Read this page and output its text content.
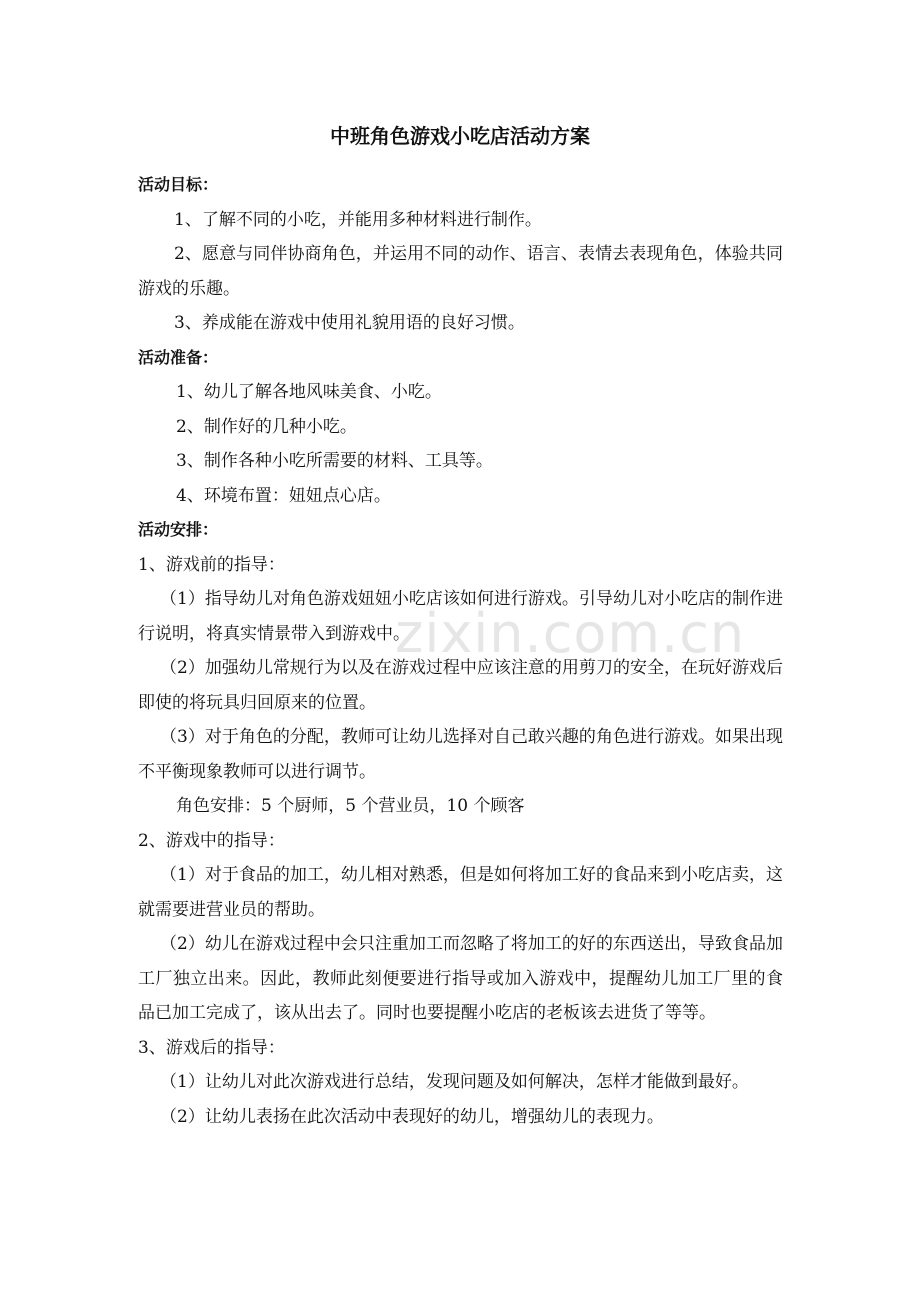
中班角色游戏小吃店活动方案
活动目标：
1、了解不同的小吃，并能用多种材料进行制作。
2、愿意与同伴协商角色，并运用不同的动作、语言、表情去表现角色，体验共同游戏的乐趣。
3、养成能在游戏中使用礼貌用语的良好习惯。
活动准备：
1、幼儿了解各地风味美食、小吃。
2、制作好的几种小吃。
3、制作各种小吃所需要的材料、工具等。
4、环境布置：妞妞点心店。
活动安排：
1、游戏前的指导：
（1）指导幼儿对角色游戏妞妞小吃店该如何进行游戏。引导幼儿对小吃店的制作进行说明，将真实情景带入到游戏中。
（2）加强幼儿常规行为以及在游戏过程中应该注意的用剪刀的安全，在玩好游戏后即使的将玩具归回原来的位置。
（3）对于角色的分配，教师可让幼儿选择对自己敢兴趣的角色进行游戏。如果出现不平衡现象教师可以进行调节。
角色安排：5 个厨师，5 个营业员，10 个顾客
2、游戏中的指导：
（1）对于食品的加工，幼儿相对熟悉，但是如何将加工好的食品来到小吃店卖，这就需要进营业员的帮助。
（2）幼儿在游戏过程中会只注重加工而忽略了将加工的好的东西送出，导致食品加工厂独立出来。因此，教师此刻便要进行指导或加入游戏中，提醒幼儿加工厂里的食品已加工完成了，该从出去了。同时也要提醒小吃店的老板该去进货了等等。
3、游戏后的指导：
（1）让幼儿对此次游戏进行总结，发现问题及如何解决，怎样才能做到最好。
（2）让幼儿表扬在此次活动中表现好的幼儿，增强幼儿的表现力。
zixin.com.cn
